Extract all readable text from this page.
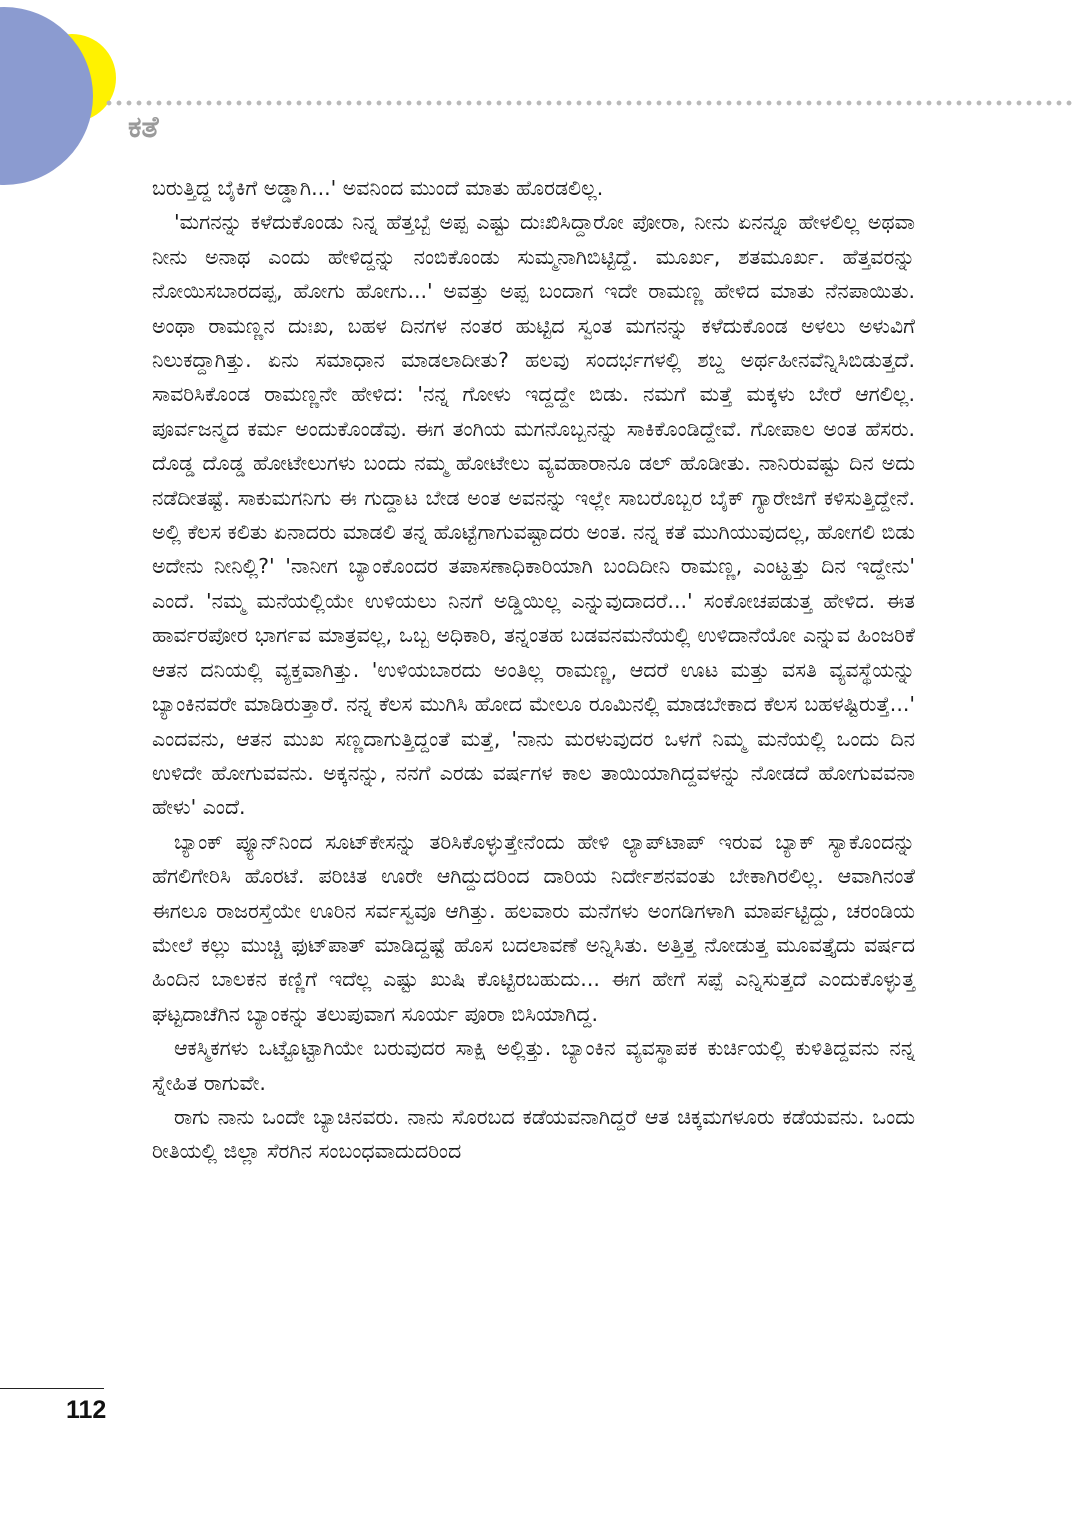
ಕತೆ

ಬರುತ್ತಿದ್ದ ಬೈಕಿಗೆ ಅಡ್ಡಾಗಿ...' ಅವನಿಂದ ಮುಂದೆ ಮಾತು ಹೊರಡಲಿಲ್ಲ.

'ಮಗನನ್ನು ಕಳೆದುಕೊಂಡು ನಿನ್ನ ಹೆತ್ತಬ್ಬೆ ಅಪ್ಪ ಎಷ್ಟು ದುಃಖಿಸಿದ್ದಾರೋ ಪೋರಾ, ನೀನು ಏನನ್ನೂ ಹೇಳಲಿಲ್ಲ ಅಥವಾ ನೀನು ಅನಾಥ ಎಂದು ಹೇಳಿದ್ದನ್ನು ನಂಬಿಕೊಂಡು ಸುಮ್ಮನಾಗಿಬಿಟ್ಟಿದ್ದೆ. ಮೂರ್ಖ, ಶತಮೂರ್ಖ. ಹೆತ್ತವರನ್ನು ನೋಯಿಸಬಾರದಪ್ಪ, ಹೋಗು ಹೋಗು...' ಅವತ್ತು ಅಪ್ಪ ಬಂದಾಗ ಇದೇ ರಾಮಣ್ಣ ಹೇಳಿದ ಮಾತು ನೆನಪಾಯಿತು. ಅಂಥಾ ರಾಮಣ್ಣನ ದುಃಖ, ಬಹಳ ದಿನಗಳ ನಂತರ ಹುಟ್ಟಿದ ಸ್ವಂತ ಮಗನನ್ನು ಕಳೆದುಕೊಂಡ ಅಳಲು ಅಳುವಿಗೆ ನಿಲುಕದ್ದಾಗಿತ್ತು. ಏನು ಸಮಾಧಾನ ಮಾಡಲಾದೀತು? ಹಲವು ಸಂದರ್ಭಗಳಲ್ಲಿ ಶಬ್ದ ಅರ್ಥಹೀನವೆನ್ನಿಸಿಬಿಡುತ್ತದೆ. ಸಾವರಿಸಿಕೊಂಡ ರಾಮಣ್ಣನೇ ಹೇಳಿದ: 'ನನ್ನ ಗೋಳು ಇದ್ದದ್ದೇ ಬಿಡು. ನಮಗೆ ಮತ್ತೆ ಮಕ್ಕಳು ಬೇರೆ ಆಗಲಿಲ್ಲ. ಪೂರ್ವಜನ್ಮದ ಕರ್ಮ ಅಂದುಕೊಂಡೆವು. ಈಗ ತಂಗಿಯ ಮಗನೊಬ್ಬನನ್ನು ಸಾಕಿಕೊಂಡಿದ್ದೇವೆ. ಗೋಪಾಲ ಅಂತ ಹೆಸರು. ದೊಡ್ಡ ದೊಡ್ಡ ಹೋಟೇಲುಗಳು ಬಂದು ನಮ್ಮ ಹೋಟೇಲು ವ್ಯವಹಾರಾನೂ ಡಲ್ ಹೊಡೀತು. ನಾನಿರುವಷ್ಟು ದಿನ ಅದು ನಡೆದೀತಷ್ಟೆ. ಸಾಕುಮಗನಿಗು ಈ ಗುದ್ದಾಟ ಬೇಡ ಅಂತ ಅವನನ್ನು ಇಲ್ಲೇ ಸಾಬರೊಬ್ಬರ ಬೈಕ್ ಗ್ಯಾರೇಜಿಗೆ ಕಳಿಸುತ್ತಿದ್ದೇನೆ. ಅಲ್ಲಿ ಕೆಲಸ ಕಲಿತು ಏನಾದರು ಮಾಡಲಿ ತನ್ನ ಹೊಟ್ಟೆಗಾಗುವಷ್ಟಾದರು ಅಂತ. ನನ್ನ ಕತೆ ಮುಗಿಯುವುದಲ್ಲ, ಹೋಗಲಿ ಬಿಡು ಅದೇನು ನೀನಿಲ್ಲಿ?' 'ನಾನೀಗ ಬ್ಯಾಂಕೊಂದರ ತಪಾಸಣಾಧಿಕಾರಿಯಾಗಿ ಬಂದಿದೀನಿ ರಾಮಣ್ಣ, ಎಂಟ್ಹತ್ತು ದಿನ ಇದ್ದೇನು' ಎಂದೆ. 'ನಮ್ಮ ಮನೆಯಲ್ಲಿಯೇ ಉಳಿಯಲು ನಿನಗೆ ಅಡ್ಡಿಯಿಲ್ಲ ಎನ್ನುವುದಾದರೆ...' ಸಂಕೋಚಪಡುತ್ತ ಹೇಳಿದ. ಈತ ಹಾರ್ವರಪೋರ ಭಾರ್ಗವ ಮಾತ್ರವಲ್ಲ, ಒಬ್ಬ ಅಧಿಕಾರಿ, ತನ್ನಂತಹ ಬಡವನಮನೆಯಲ್ಲಿ ಉಳಿದಾನೆಯೋ ಎನ್ನುವ ಹಿಂಜರಿಕೆ ಆತನ ದನಿಯಲ್ಲಿ ವ್ಯಕ್ತವಾಗಿತ್ತು. 'ಉಳಿಯಬಾರದು ಅಂತಿಲ್ಲ ರಾಮಣ್ಣ, ಆದರೆ ಊಟ ಮತ್ತು ವಸತಿ ವ್ಯವಸ್ಥೆಯನ್ನು ಬ್ಯಾಂಕಿನವರೇ ಮಾಡಿರುತ್ತಾರೆ. ನನ್ನ ಕೆಲಸ ಮುಗಿಸಿ ಹೋದ ಮೇಲೂ ರೂಮಿನಲ್ಲಿ ಮಾಡಬೇಕಾದ ಕೆಲಸ ಬಹಳಷ್ಟಿರುತ್ತೆ...' ಎಂದವನು, ಆತನ ಮುಖ ಸಣ್ಣದಾಗುತ್ತಿದ್ದಂತೆ ಮತ್ತೆ, 'ನಾನು ಮರಳುವುದರ ಒಳಗೆ ನಿಮ್ಮ ಮನೆಯಲ್ಲಿ ಒಂದು ದಿನ ಉಳಿದೇ ಹೋಗುವವನು. ಅಕ್ಕನನ್ನು, ನನಗೆ ಎರಡು ವರ್ಷಗಳ ಕಾಲ ತಾಯಿಯಾಗಿದ್ದವಳನ್ನು ನೋಡದೆ ಹೋಗುವವನಾ ಹೇಳು' ಎಂದೆ.

ಬ್ಯಾಂಕ್ ಪ್ಯೂನ್‌ನಿಂದ ಸೂಟ್‌ಕೇಸನ್ನು ತರಿಸಿಕೊಳ್ಳುತ್ತೇನೆಂದು ಹೇಳಿ ಲ್ಯಾಪ್‌ಟಾಪ್ ಇರುವ ಬ್ಯಾಕ್ ಸ್ಯಾಕೊಂದನ್ನು ಹೆಗಲಿಗೇರಿಸಿ ಹೊರಟೆ. ಪರಿಚಿತ ಊರೇ ಆಗಿದ್ದುದರಿಂದ ದಾರಿಯ ನಿರ್ದೇಶನವಂತು ಬೇಕಾಗಿರಲಿಲ್ಲ. ಆವಾಗಿನಂತೆ ಈಗಲೂ ರಾಜರಸ್ತೆಯೇ ಊರಿನ ಸರ್ವಸ್ವವೂ ಆಗಿತ್ತು. ಹಲವಾರು ಮನೆಗಳು ಅಂಗಡಿಗಳಾಗಿ ಮಾರ್ಪಟ್ಟಿದ್ದು, ಚರಂಡಿಯ ಮೇಲೆ ಕಲ್ಲು ಮುಚ್ಚಿ ಫುಟ್‌ಪಾತ್ ಮಾಡಿದ್ದಷ್ಟೆ ಹೊಸ ಬದಲಾವಣೆ ಅನ್ನಿಸಿತು. ಅತ್ತಿತ್ತ ನೋಡುತ್ತ ಮೂವತ್ತೈದು ವರ್ಷದ ಹಿಂದಿನ ಬಾಲಕನ ಕಣ್ಣಿಗೆ ಇದೆಲ್ಲ ಎಷ್ಟು ಖುಷಿ ಕೊಟ್ಟಿರಬಹುದು... ಈಗ ಹೇಗೆ ಸಪ್ಪೆ ಎನ್ನಿಸುತ್ತದೆ ಎಂದುಕೊಳ್ಳುತ್ತ ಘಟ್ಟದಾಚೆಗಿನ ಬ್ಯಾಂಕನ್ನು ತಲುಪುವಾಗ ಸೂರ್ಯ ಪೂರಾ ಬಿಸಿಯಾಗಿದ್ದ.

ಆಕಸ್ಮಿಕಗಳು ಒಟ್ಟೊಟ್ಟಾಗಿಯೇ ಬರುವುದರ ಸಾಕ್ಷಿ ಅಲ್ಲಿತ್ತು. ಬ್ಯಾಂಕಿನ ವ್ಯವಸ್ಥಾಪಕ ಕುರ್ಚಿಯಲ್ಲಿ ಕುಳಿತಿದ್ದವನು ನನ್ನ ಸ್ನೇಹಿತ ರಾಗುವೇ.

ರಾಗು ನಾನು ಒಂದೇ ಬ್ಯಾಚಿನವರು. ನಾನು ಸೊರಬದ ಕಡೆಯವನಾಗಿದ್ದರೆ ಆತ ಚಿಕ್ಕಮಗಳೂರು ಕಡೆಯವನು. ಒಂದು ರೀತಿಯಲ್ಲಿ ಜಿಲ್ಲಾ ಸೆರಗಿನ ಸಂಬಂಧವಾದುದರಿಂದ

112
